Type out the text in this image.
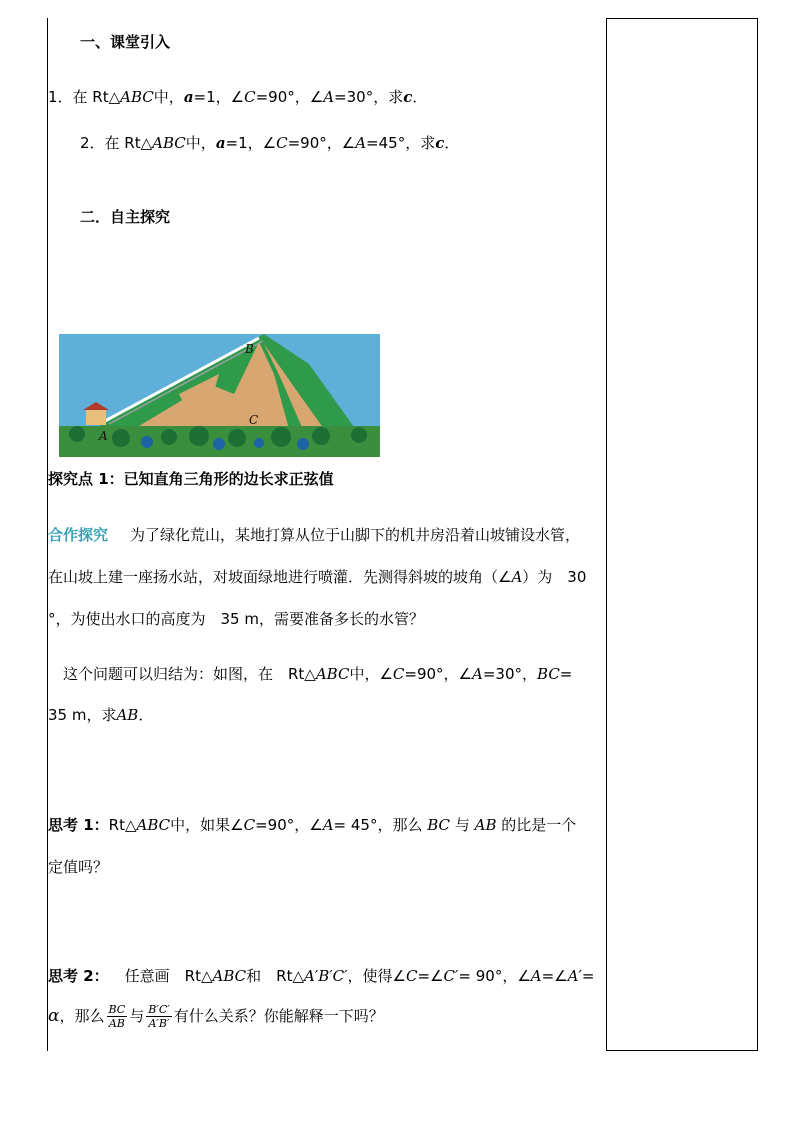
一、课堂引入
1．在 Rt△ABC中，a=1，∠C=90°，∠A=30°，求c．
2．在 Rt△ABC中，a=1，∠C=90°，∠A=45°，求c．
二．自主探究
A
B
C
探究点 1：已知直角三角形的边长求正弦值
合作探究 为了绿化荒山，某地打算从位于山脚下的机井房沿着山坡铺设水管，
在山坡上建一座扬水站，对坡面绿地进行喷灌．先测得斜坡的坡角（∠A）为　30
°，为使出水口的高度为　35 m，需要准备多长的水管？
这个问题可以归结为：如图，在　Rt△ABC中，∠C=90°，∠A=30°，BC=
35 m，求AB．
思考 1：Rt△ABC中，如果∠C=90°，∠A= 45°，那么 BC 与 AB 的比是一个
定值吗？
思考 2： 任意画　Rt△ABC和　Rt△A′B′C′，使得∠C=∠C′= 90°，∠A=∠A′=
α，那么 $\frac{BC}{AB}$ 与 $\frac{B'C'}{A'B'}$ 有什么关系？你能解释一下吗？
